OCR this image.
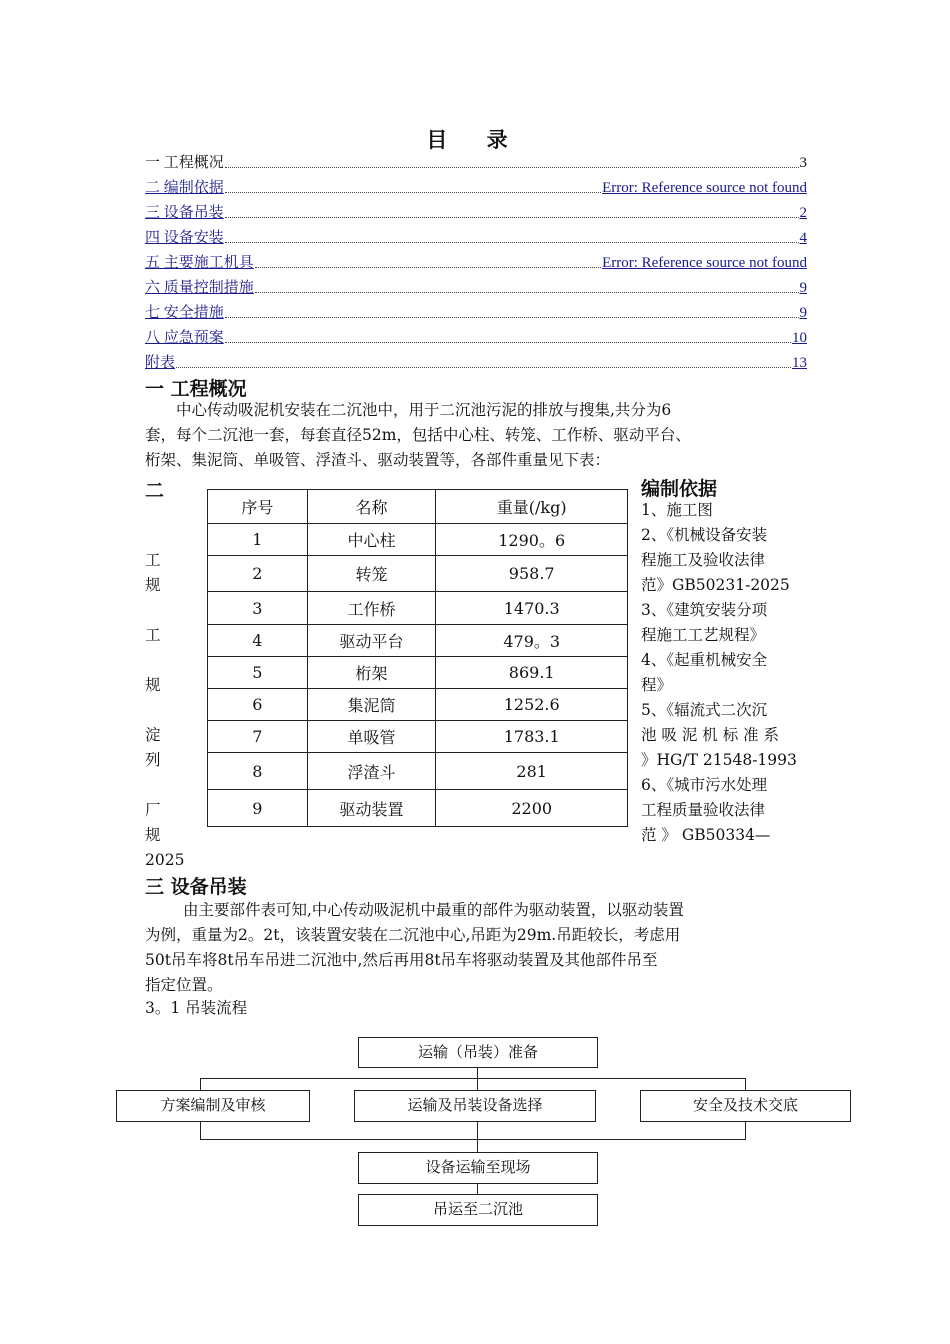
目 录
一 工程概况	3
二 编制依据	Error: Reference source not found
三 设备吊装	2
四 设备安装	4
五 主要施工机具	Error: Reference source not found
六 质量控制措施	9
七 安全措施	9
八 应急预案	10
附表	13
一 工程概况

中心传动吸泥机安装在二沉池中，用于二沉池污泥的排放与搜集,共分为6

套，每个二沉池一套，每套直径52m，包括中心柱、转笼、工作桥、驱动平台、

桁架、集泥筒、单吸管、浮渣斗、驱动装置等，各部件重量见下表：

二	编制依据
工
规
工
规
淀
列
厂
规
2025
序号	名称	重量(/kg)
1	中心柱	1290。6
2	转笼	958.7
3	工作桥	1470.3
4	驱动平台	479。3
5	桁架	869.1
6	集泥筒	1252.6
7	单吸管	1783.1
8	浮渣斗	281
9	驱动装置	2200
1、施工图
2、《机械设备安装
程施工及验收法律
范》GB50231-2025
3、《建筑安装分项
程施工工艺规程》
4、《起重机械安全
程》
5、《辐流式二次沉
池 吸 泥 机 标 准 系
》HG/T 21548-1993
6、《城市污水处理
工程质量验收法律
范 》 GB50334—
三 设备吊装

由主要部件表可知,中心传动吸泥机中最重的部件为驱动装置，以驱动装置

为例，重量为2。2t，该装置安装在二沉池中心,吊距为29m.吊距较长，考虑用

50t吊车将8t吊车吊进二沉池中,然后再用8t吊车将驱动装置及其他部件吊至

指定位置。

3。1 吊装流程
运输（吊装）准备
方案编制及审核	运输及吊装设备选择	安全及技术交底
设备运输至现场
吊运至二沉池
